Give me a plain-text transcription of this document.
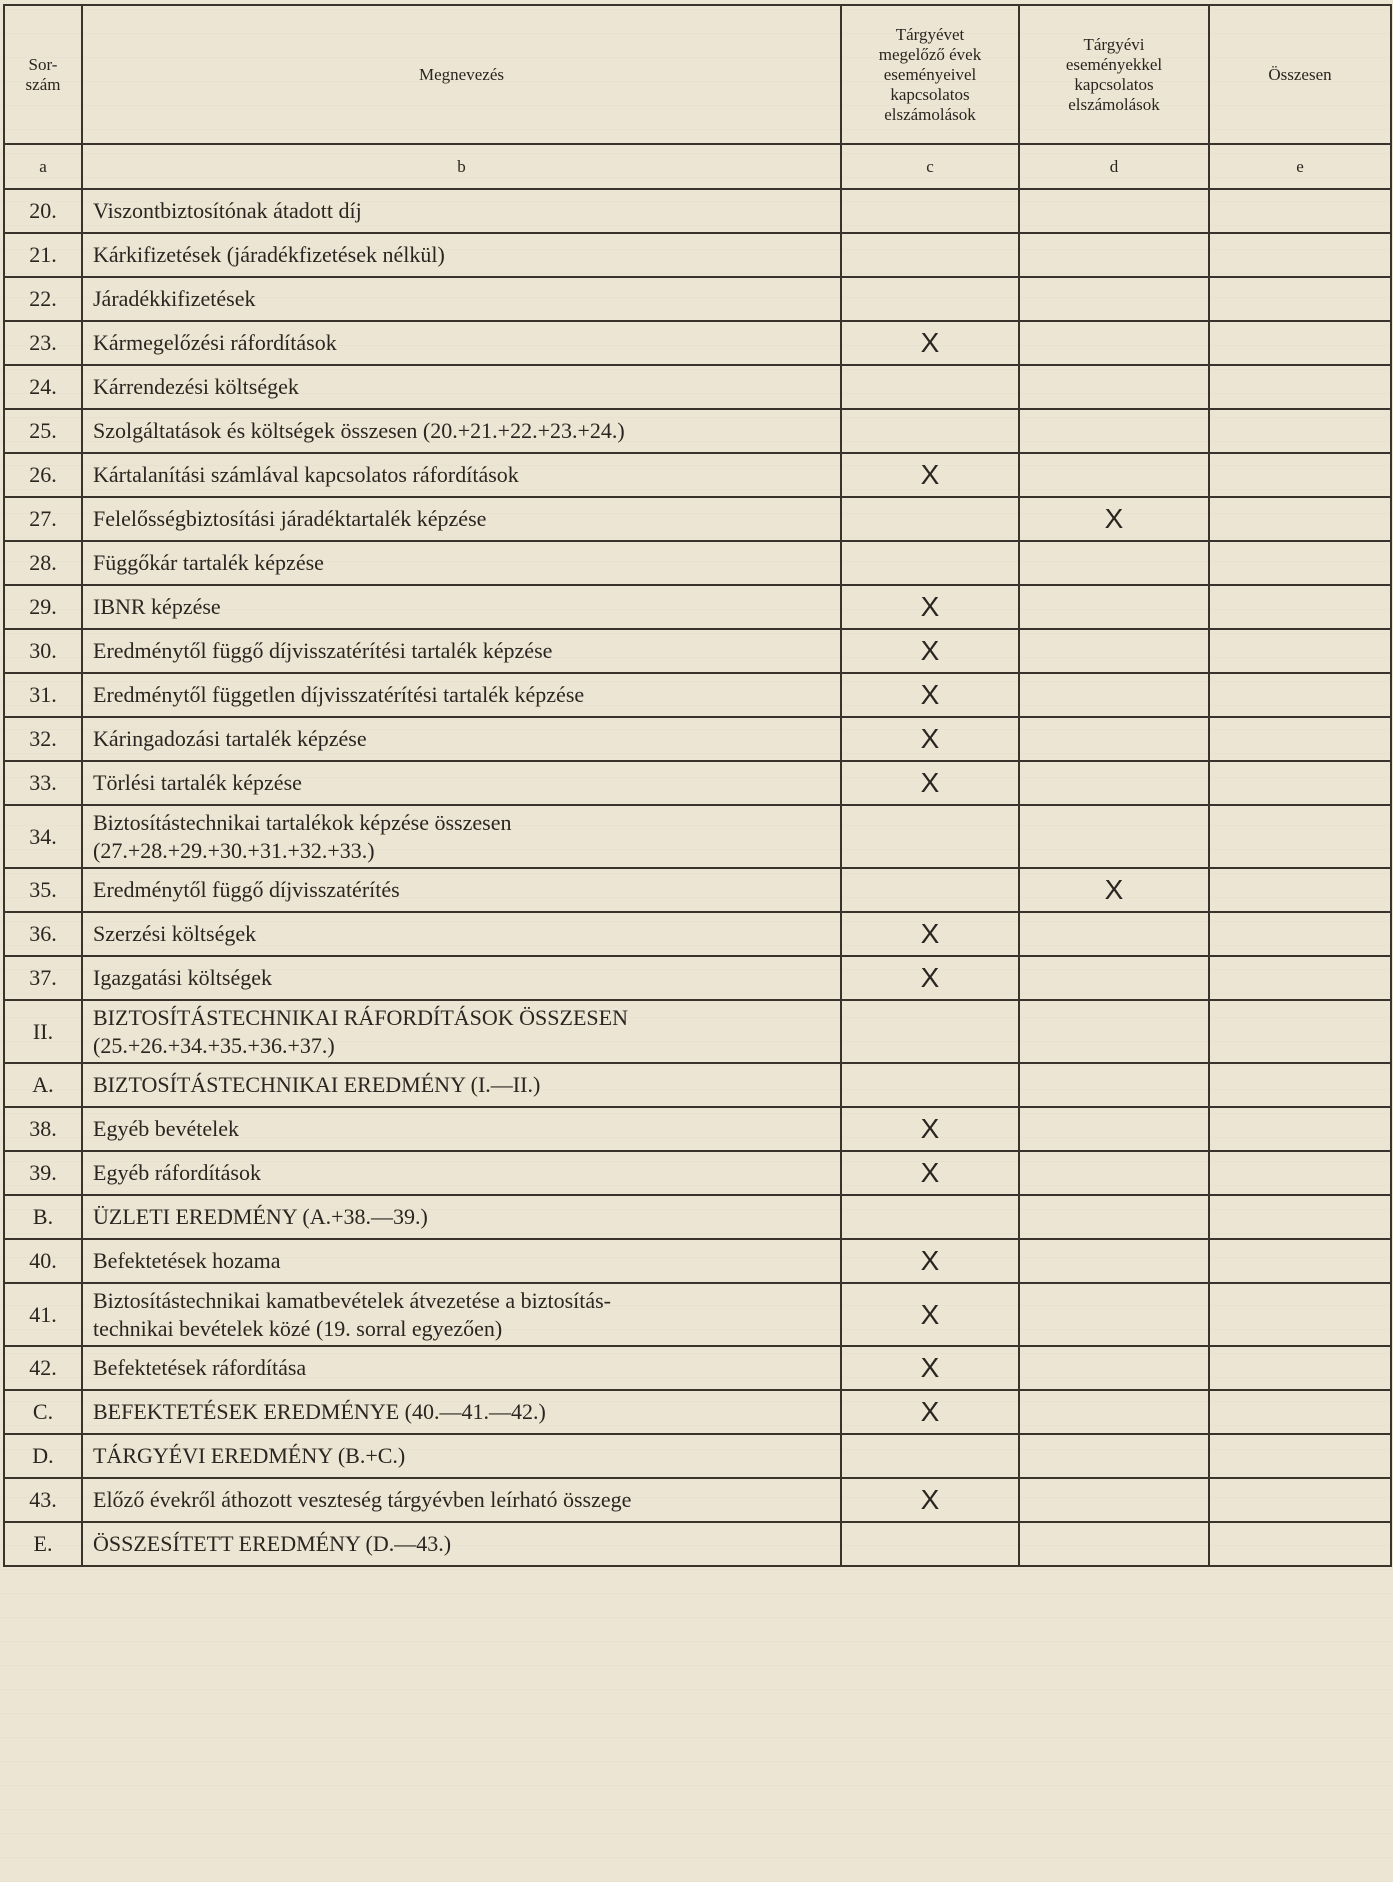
Sor-
szám	Megnevezés	Tárgyévet
megelőző évek
eseményeivel
kapcsolatos
elszámolások	Tárgyévi
eseményekkel
kapcsolatos
elszámolások	Összesen
a	b	c	d	e
20.	Viszontbiztosítónak átadott díj			
21.	Kárkifizetések (járadékfizetések nélkül)			
22.	Járadékkifizetések			
23.	Kármegelőzési ráfordítások	X		
24.	Kárrendezési költségek			
25.	Szolgáltatások és költségek összesen (20.+21.+22.+23.+24.)			
26.	Kártalanítási számlával kapcsolatos ráfordítások	X		
27.	Felelősségbiztosítási járadéktartalék képzése		X	
28.	Függőkár tartalék képzése			
29.	IBNR képzése	X		
30.	Eredménytől függő díjvisszatérítési tartalék képzése	X		
31.	Eredménytől független díjvisszatérítési tartalék képzése	X		
32.	Káringadozási tartalék képzése	X		
33.	Törlési tartalék képzése	X		
34.	Biztosítástechnikai tartalékok képzése összesen
(27.+28.+29.+30.+31.+32.+33.)			
35.	Eredménytől függő díjvisszatérítés		X	
36.	Szerzési költségek	X		
37.	Igazgatási költségek	X		
II.	BIZTOSÍTÁSTECHNIKAI RÁFORDÍTÁSOK ÖSSZESEN
(25.+26.+34.+35.+36.+37.)			
A.	BIZTOSÍTÁSTECHNIKAI EREDMÉNY (I.—II.)			
38.	Egyéb bevételek	X		
39.	Egyéb ráfordítások	X		
B.	ÜZLETI EREDMÉNY (A.+38.—39.)			
40.	Befektetések hozama	X		
41.	Biztosítástechnikai kamatbevételek átvezetése a biztosítás-
technikai bevételek közé (19. sorral egyezően)	X		
42.	Befektetések ráfordítása	X		
C.	BEFEKTETÉSEK EREDMÉNYE (40.—41.—42.)	X		
D.	TÁRGYÉVI EREDMÉNY (B.+C.)			
43.	Előző évekről áthozott veszteség tárgyévben leírható összege	X		
E.	ÖSSZESÍTETT EREDMÉNY (D.—43.)			
